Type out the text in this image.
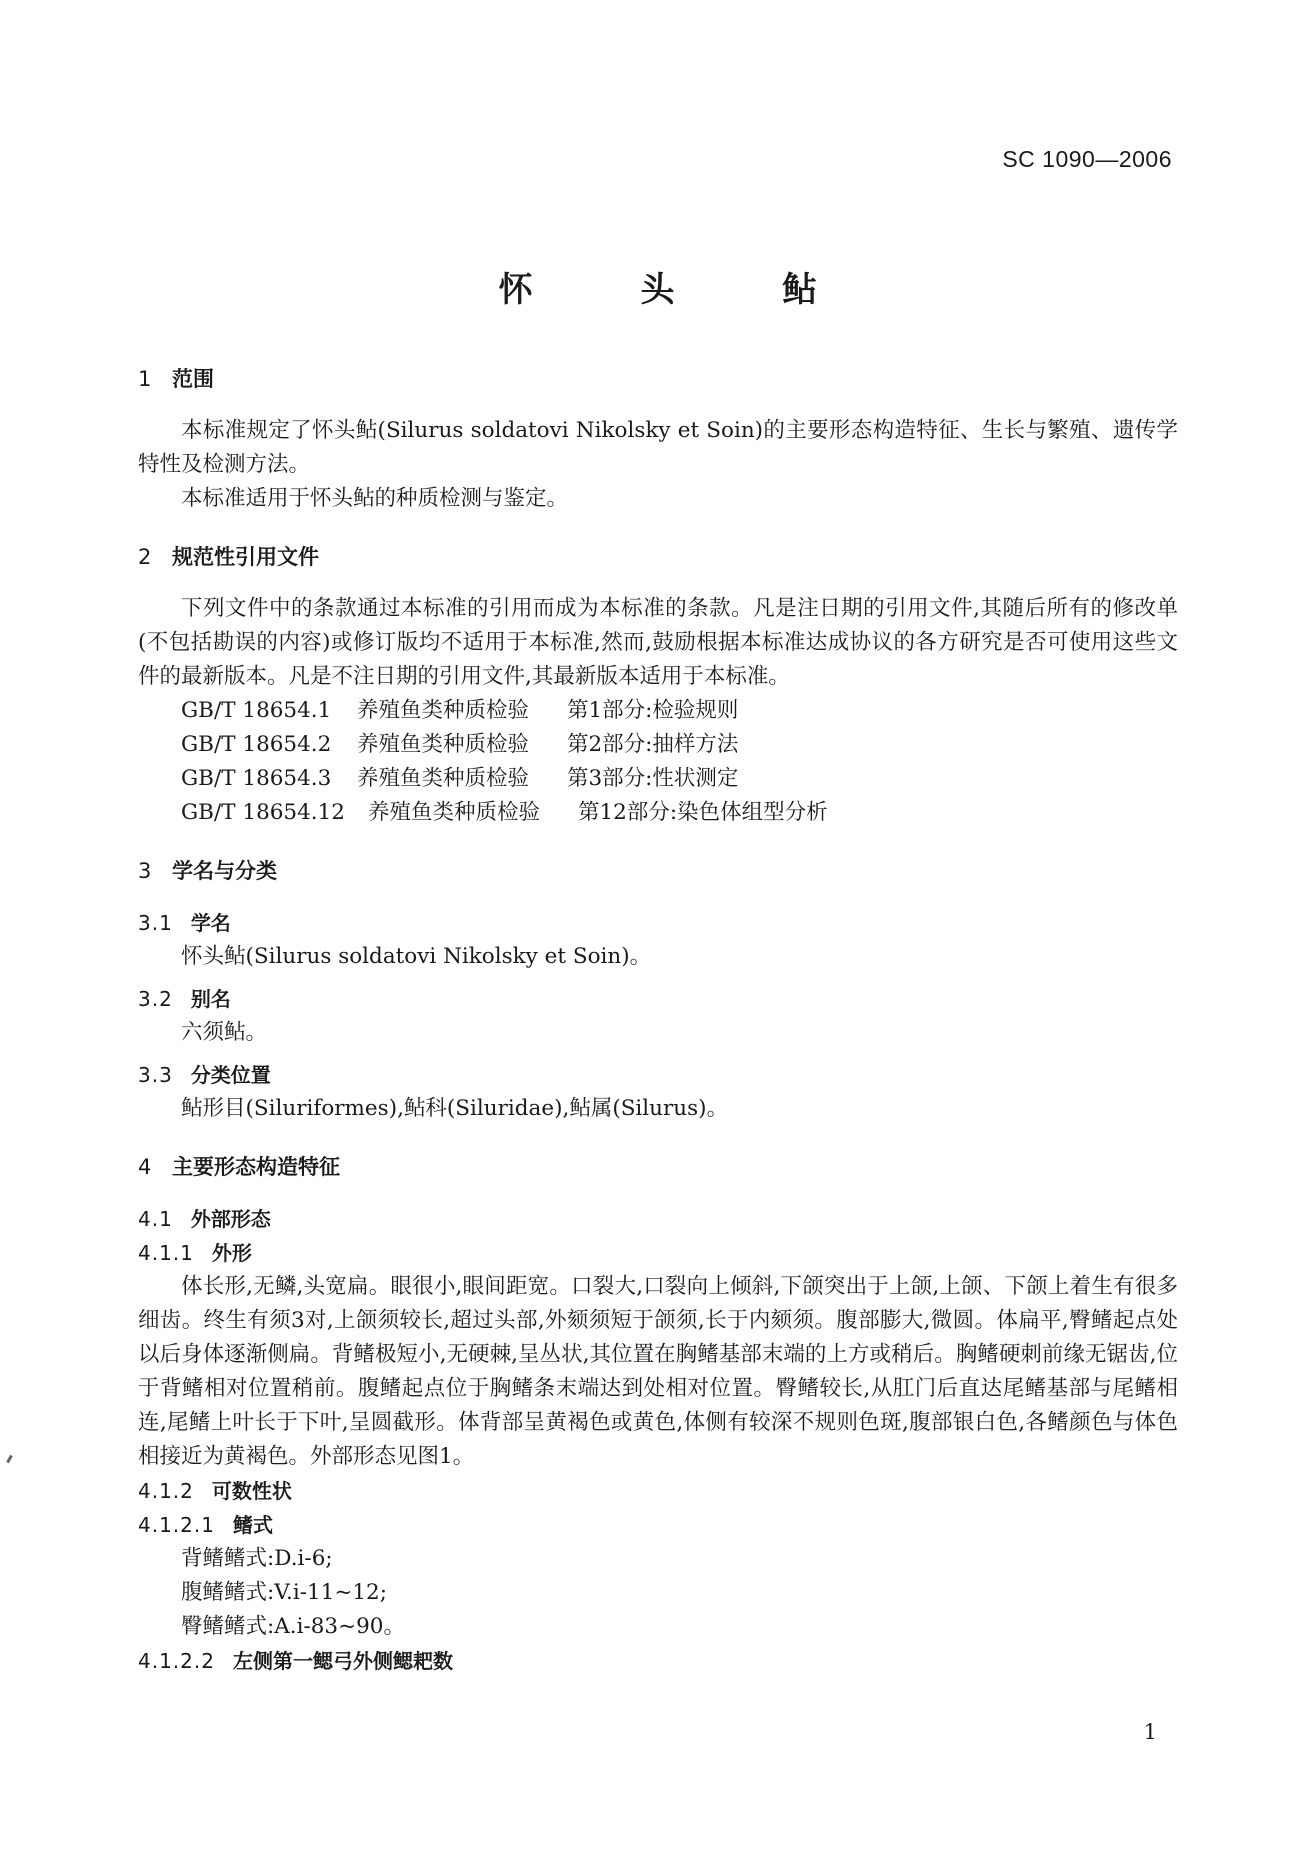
SC 1090—2006
怀 头 鲇

1 范围

本标准规定了怀头鲇(Silurus soldatovi Nikolsky et Soin)的主要形态构造特征、生长与繁殖、遗传学特性及检测方法。

本标准适用于怀头鲇的种质检测与鉴定。

2 规范性引用文件

下列文件中的条款通过本标准的引用而成为本标准的条款。凡是注日期的引用文件,其随后所有的修改单(不包括勘误的内容)或修订版均不适用于本标准,然而,鼓励根据本标准达成协议的各方研究是否可使用这些文件的最新版本。凡是不注日期的引用文件,其最新版本适用于本标准。

GB/T 18654.1 养殖鱼类种质检验 第1部分:检验规则

GB/T 18654.2 养殖鱼类种质检验 第2部分:抽样方法

GB/T 18654.3 养殖鱼类种质检验 第3部分:性状测定

GB/T 18654.12 养殖鱼类种质检验 第12部分:染色体组型分析

3 学名与分类

3.1 学名

怀头鲇(Silurus soldatovi Nikolsky et Soin)。

3.2 别名

六须鲇。

3.3 分类位置

鲇形目(Siluriformes),鲇科(Siluridae),鲇属(Silurus)。

4 主要形态构造特征

4.1 外部形态

4.1.1 外形

体长形,无鳞,头宽扁。眼很小,眼间距宽。口裂大,口裂向上倾斜,下颌突出于上颌,上颌、下颌上着生有很多细齿。终生有须3对,上颌须较长,超过头部,外颏须短于颌须,长于内颏须。腹部膨大,微圆。体扁平,臀鳍起点处以后身体逐渐侧扁。背鳍极短小,无硬棘,呈丛状,其位置在胸鳍基部末端的上方或稍后。胸鳍硬刺前缘无锯齿,位于背鳍相对位置稍前。腹鳍起点位于胸鳍条末端达到处相对位置。臀鳍较长,从肛门后直达尾鳍基部与尾鳍相连,尾鳍上叶长于下叶,呈圆截形。体背部呈黄褐色或黄色,体侧有较深不规则色斑,腹部银白色,各鳍颜色与体色相接近为黄褐色。外部形态见图1。

4.1.2 可数性状

4.1.2.1 鳍式

背鳍鳍式:D.i-6;

腹鳍鳍式:V.i-11~12;

臀鳍鳍式:A.i-83~90。

4.1.2.2 左侧第一鳃弓外侧鳃耙数

1
